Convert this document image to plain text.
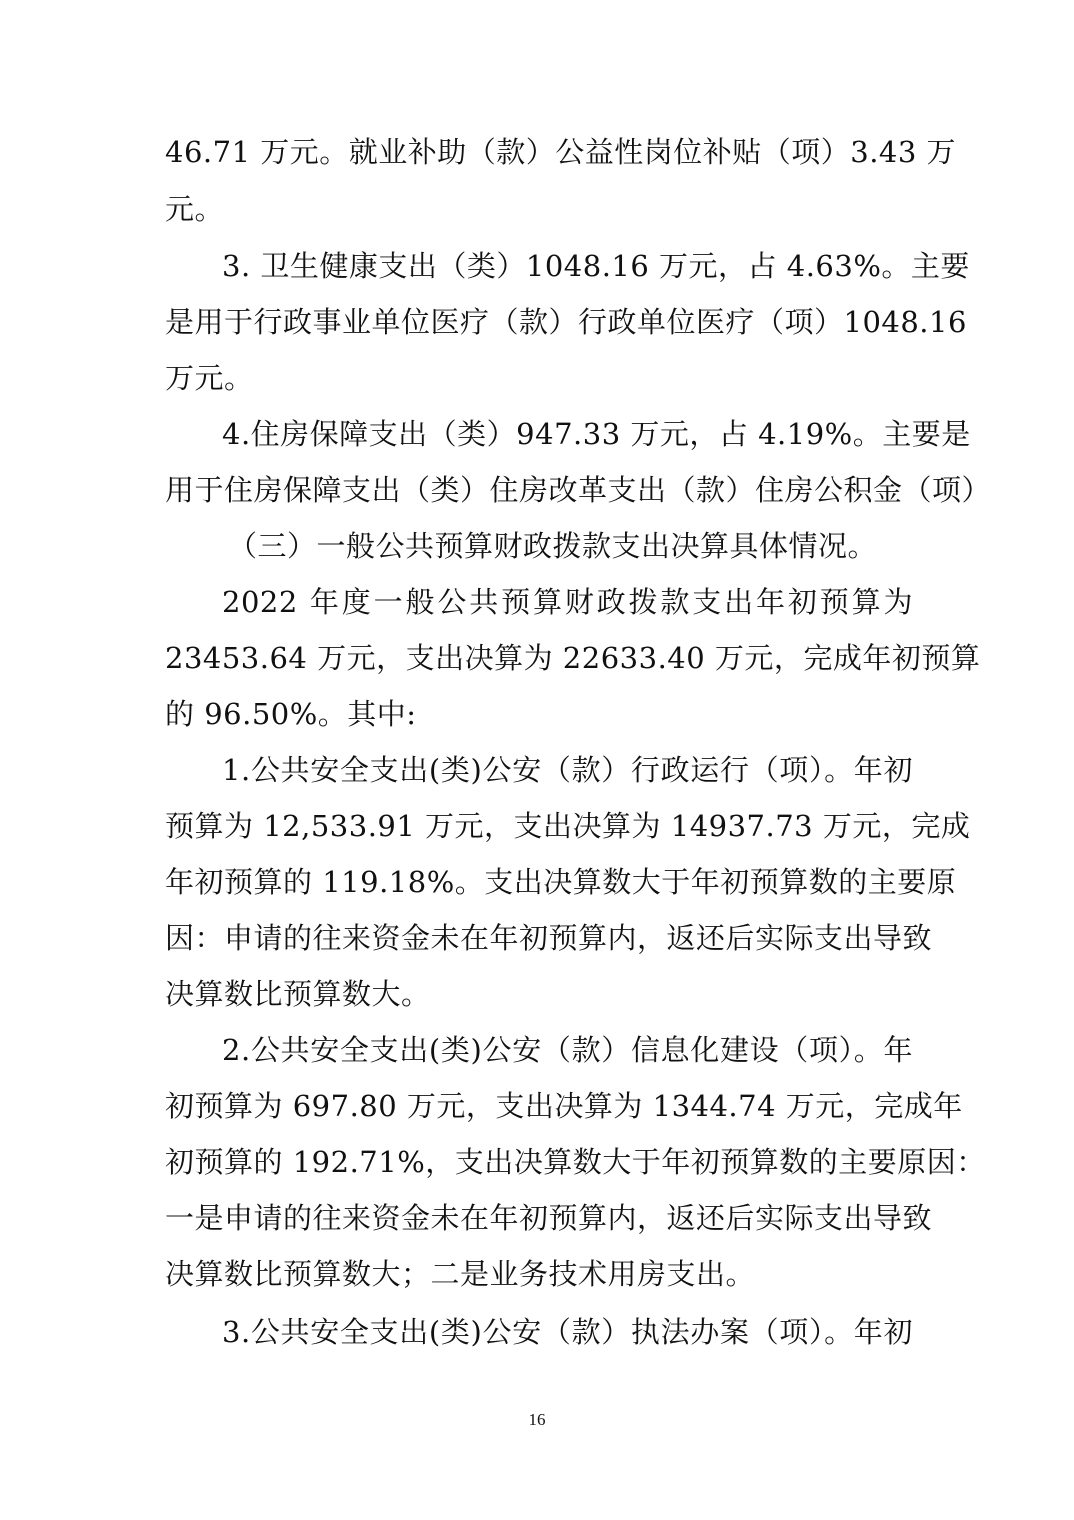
46.71 万元。就业补助（款）公益性岗位补贴（项）3.43 万
元。
3. 卫生健康支出（类）1048.16 万元，占 4.63%。主要
是用于行政事业单位医疗（款）行政单位医疗（项）1048.16
万元。
4.住房保障支出（类）947.33 万元，占 4.19%。主要是
用于住房保障支出（类）住房改革支出（款）住房公积金（项）
（三）一般公共预算财政拨款支出决算具体情况。
2022 年度一般公共预算财政拨款支出年初预算为
23453.64 万元，支出决算为 22633.40 万元，完成年初预算
的 96.50%。其中:
1.公共安全支出(类)公安（款）行政运行（项）。年初
预算为 12,533.91 万元，支出决算为 14937.73 万元，完成
年初预算的 119.18%。支出决算数大于年初预算数的主要原
因：申请的往来资金未在年初预算内，返还后实际支出导致
决算数比预算数大。
2.公共安全支出(类)公安（款）信息化建设（项）。年
初预算为 697.80 万元，支出决算为 1344.74 万元，完成年
初预算的 192.71%，支出决算数大于年初预算数的主要原因：
一是申请的往来资金未在年初预算内，返还后实际支出导致
决算数比预算数大；二是业务技术用房支出。
3.公共安全支出(类)公安（款）执法办案（项）。年初
16
